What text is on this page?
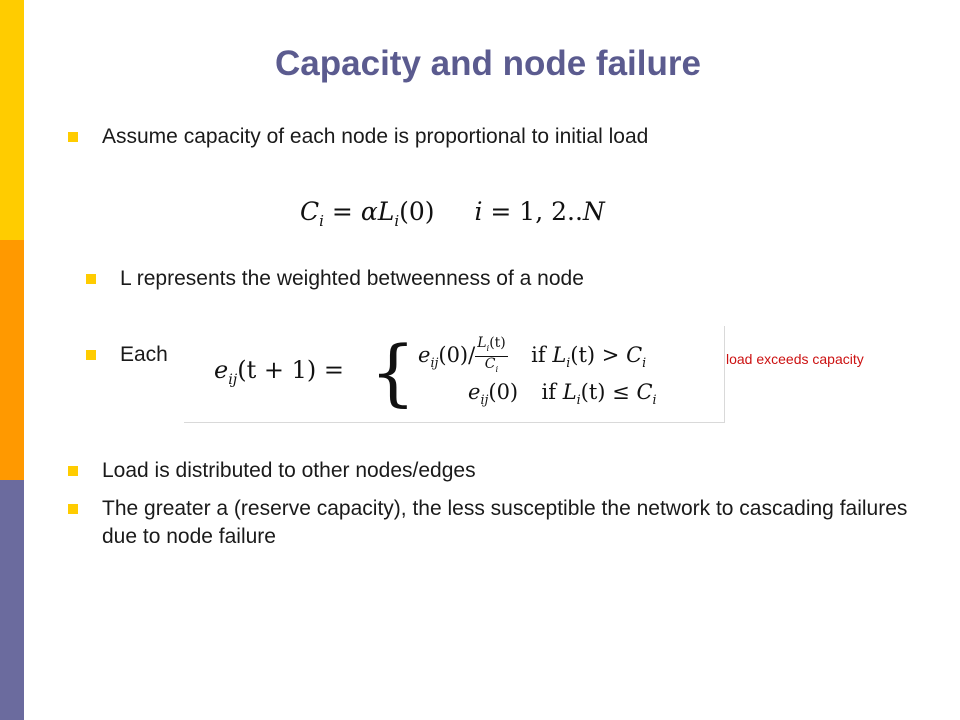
Capacity and node failure
Assume capacity of each node is proportional to initial load
$C_i = \alpha L_i(0) i = 1$, 2..N
L represents the weighted betweenness of a node
Each
$e_{ij}(t + 1)$ = { $e_{ij}(0)/ \frac{L_i(t)}{C_i}$ if $L_i(t) > C_i$
$e_{ij}(0)$ if $L_i(t) \le C_i$
load exceeds capacity
Load is distributed to other nodes/edges
The greater a (reserve capacity), the less susceptible the network to cascading failures due to node failure
